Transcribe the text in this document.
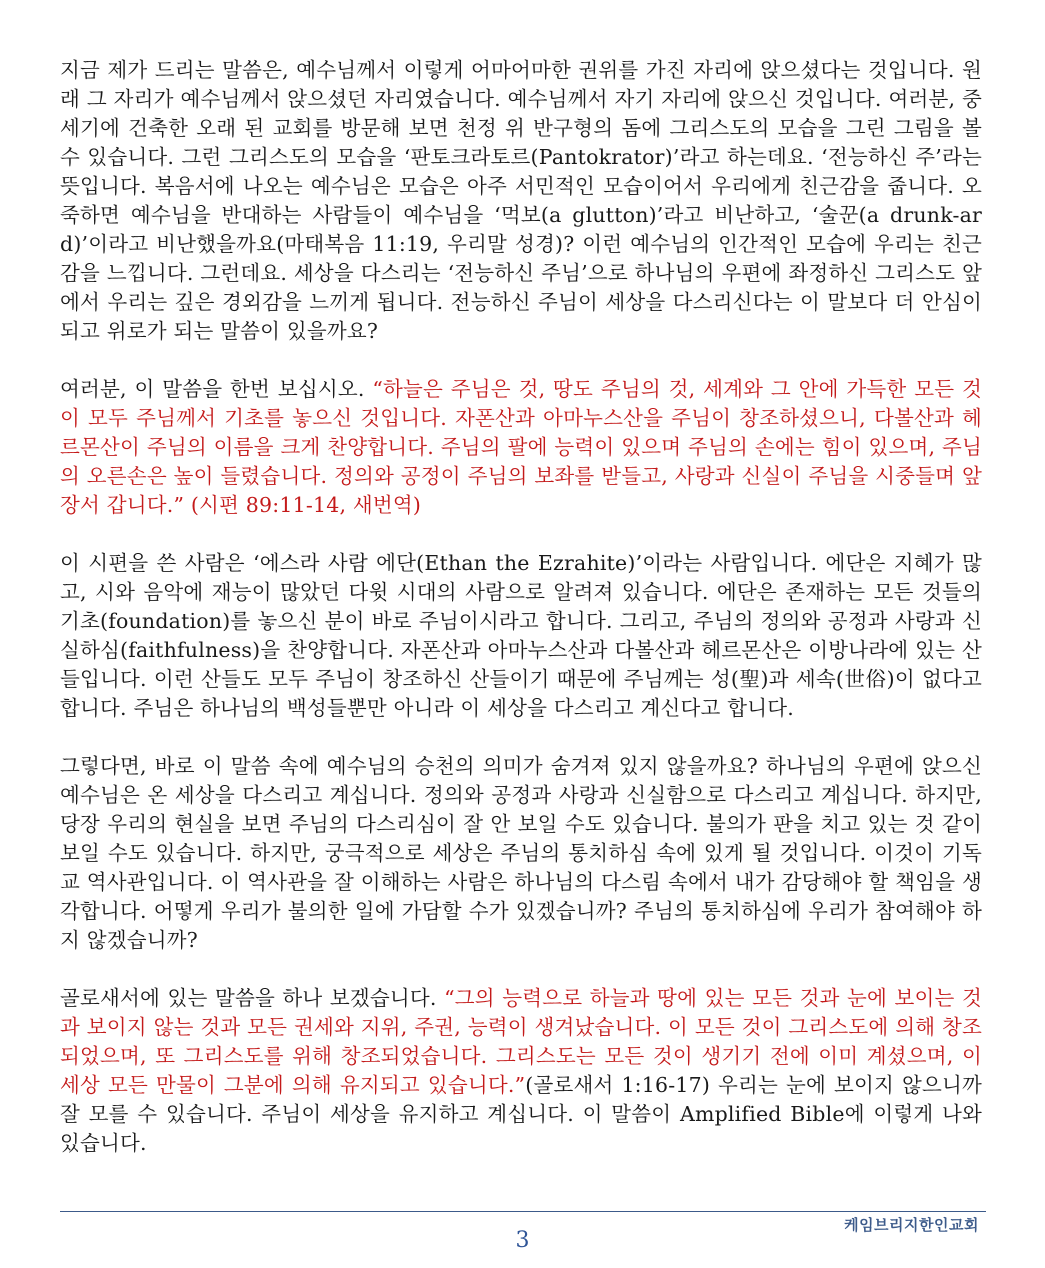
지금 제가 드리는 말씀은, 예수님께서 이렇게 어마어마한 권위를 가진 자리에 앉으셨다는 것입니다. 원래 그 자리가 예수님께서 앉으셨던 자리였습니다. 예수님께서 자기 자리에 앉으신 것입니다. 여러분, 중세기에 건축한 오래 된 교회를 방문해 보면 천정 위 반구형의 돔에 그리스도의 모습을 그린 그림을 볼 수 있습니다. 그런 그리스도의 모습을 ‘판토크라토르(Pantokrator)’라고 하는데요. ‘전능하신 주’라는 뜻입니다. 복음서에 나오는 예수님은 모습은 아주 서민적인 모습이어서 우리에게 친근감을 줍니다. 오죽하면 예수님을 반대하는 사람들이 예수님을 ‘먹보(a glutton)’라고 비난하고, ‘술꾼(a drunk-ard)’이라고 비난했을까요(마태복음 11:19, 우리말 성경)? 이런 예수님의 인간적인 모습에 우리는 친근감을 느낍니다. 그런데요. 세상을 다스리는 ‘전능하신 주님’으로 하나님의 우편에 좌정하신 그리스도 앞에서 우리는 깊은 경외감을 느끼게 됩니다. 전능하신 주님이 세상을 다스리신다는 이 말보다 더 안심이 되고 위로가 되는 말씀이 있을까요?

여러분, 이 말씀을 한번 보십시오. “하늘은 주님은 것, 땅도 주님의 것, 세계와 그 안에 가득한 모든 것이 모두 주님께서 기초를 놓으신 것입니다. 자폰산과 아마누스산을 주님이 창조하셨으니, 다볼산과 헤르몬산이 주님의 이름을 크게 찬양합니다. 주님의 팔에 능력이 있으며 주님의 손에는 힘이 있으며, 주님의 오른손은 높이 들렸습니다. 정의와 공정이 주님의 보좌를 받들고, 사랑과 신실이 주님을 시중들며 앞장서 갑니다.” (시편 89:11-14, 새번역)

이 시편을 쓴 사람은 ‘에스라 사람 에단(Ethan the Ezrahite)’이라는 사람입니다. 에단은 지혜가 많고, 시와 음악에 재능이 많았던 다윗 시대의 사람으로 알려져 있습니다. 에단은 존재하는 모든 것들의 기초(foundation)를 놓으신 분이 바로 주님이시라고 합니다. 그리고, 주님의 정의와 공정과 사랑과 신실하심(faithfulness)을 찬양합니다. 자폰산과 아마누스산과 다볼산과 헤르몬산은 이방나라에 있는 산들입니다. 이런 산들도 모두 주님이 창조하신 산들이기 때문에 주님께는 성(聖)과 세속(世俗)이 없다고 합니다. 주님은 하나님의 백성들뿐만 아니라 이 세상을 다스리고 계신다고 합니다.

그렇다면, 바로 이 말씀 속에 예수님의 승천의 의미가 숨겨져 있지 않을까요? 하나님의 우편에 앉으신 예수님은 온 세상을 다스리고 계십니다. 정의와 공정과 사랑과 신실함으로 다스리고 계십니다. 하지만, 당장 우리의 현실을 보면 주님의 다스리심이 잘 안 보일 수도 있습니다. 불의가 판을 치고 있는 것 같이 보일 수도 있습니다. 하지만, 궁극적으로 세상은 주님의 통치하심 속에 있게 될 것입니다. 이것이 기독교 역사관입니다. 이 역사관을 잘 이해하는 사람은 하나님의 다스림 속에서 내가 감당해야 할 책임을 생각합니다. 어떻게 우리가 불의한 일에 가담할 수가 있겠습니까? 주님의 통치하심에 우리가 참여해야 하지 않겠습니까?

골로새서에 있는 말씀을 하나 보겠습니다. “그의 능력으로 하늘과 땅에 있는 모든 것과 눈에 보이는 것과 보이지 않는 것과 모든 권세와 지위, 주권, 능력이 생겨났습니다. 이 모든 것이 그리스도에 의해 창조되었으며, 또 그리스도를 위해 창조되었습니다. 그리스도는 모든 것이 생기기 전에 이미 계셨으며, 이 세상 모든 만물이 그분에 의해 유지되고 있습니다.”(골로새서 1:16-17) 우리는 눈에 보이지 않으니까 잘 모를 수 있습니다. 주님이 세상을 유지하고 계십니다. 이 말씀이 Amplified Bible에 이렇게 나와 있습니다.

케임브리지한인교회
3
